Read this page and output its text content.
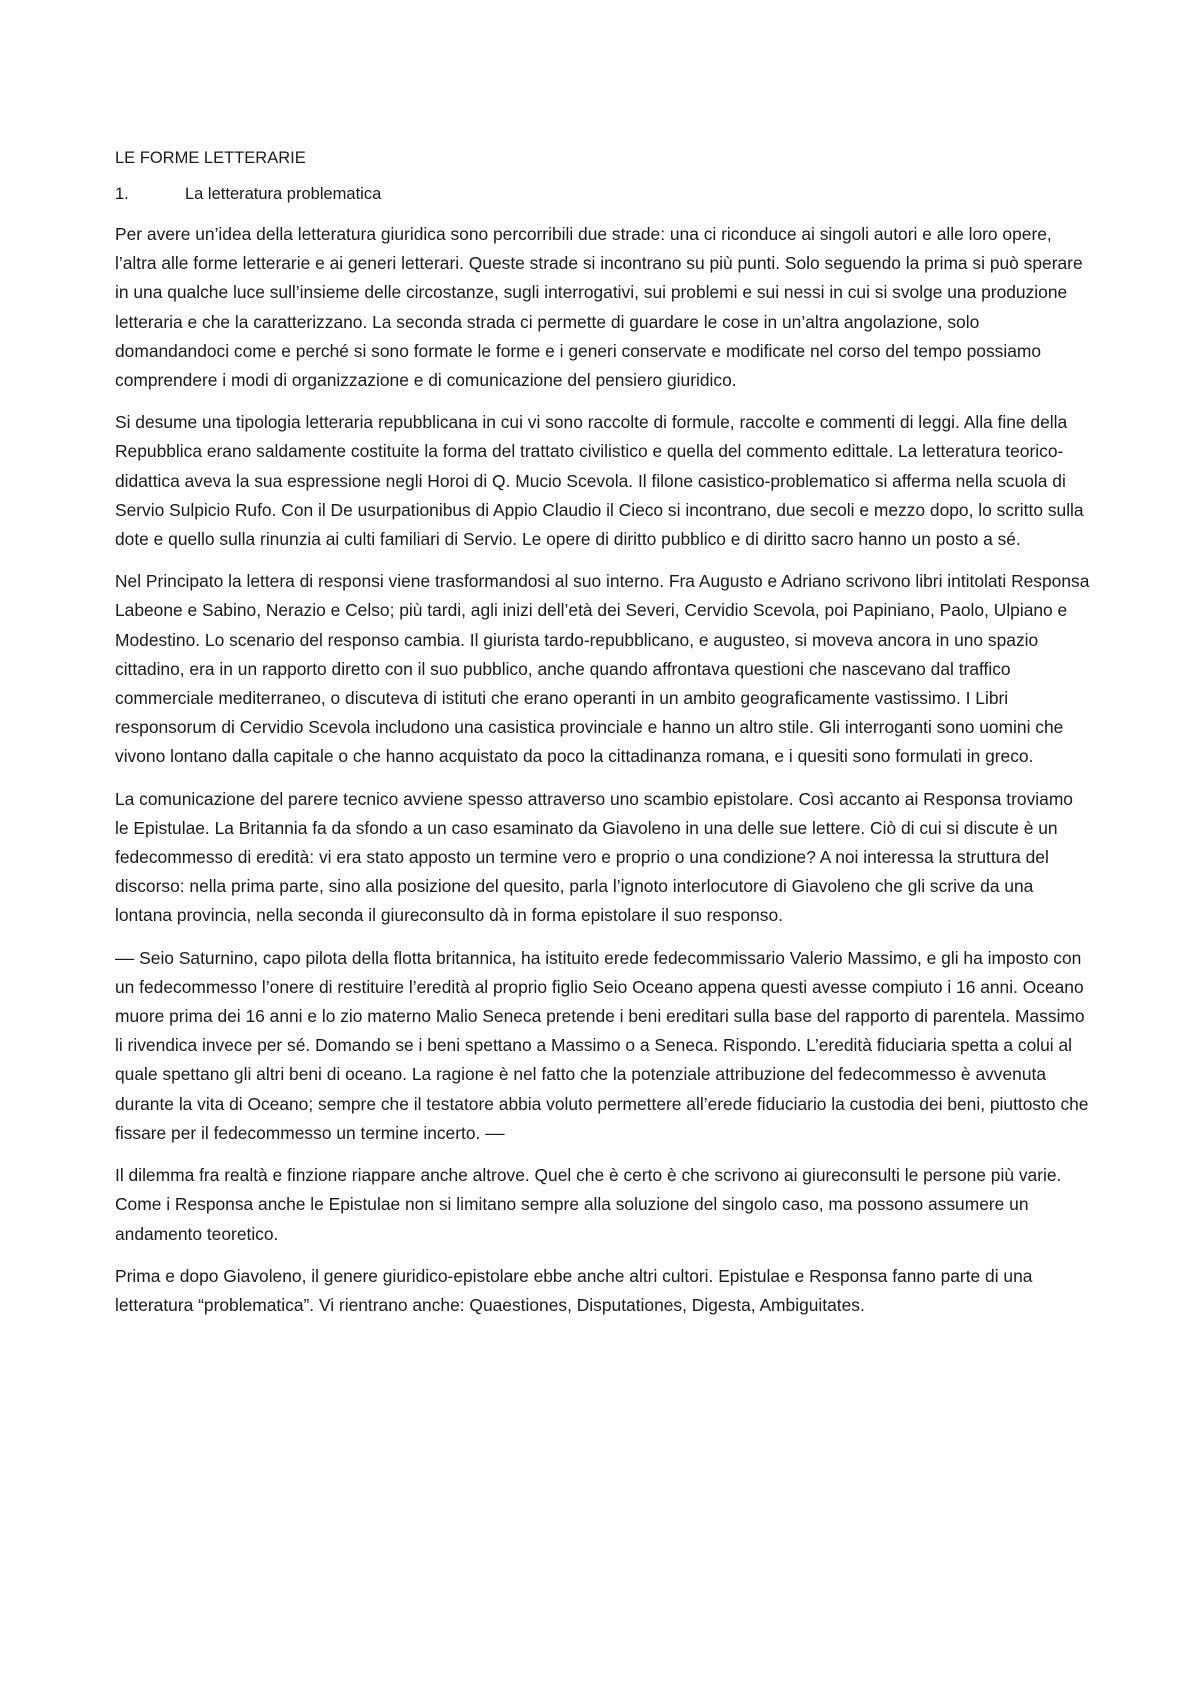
LE FORME LETTERARIE
1.	La letteratura problematica

Per avere un’idea della letteratura giuridica sono percorribili due strade: una ci riconduce ai singoli autori e alle loro opere, l’altra alle forme letterarie e ai generi letterari. Queste strade si incontrano su più punti. Solo seguendo la prima si può sperare in una qualche luce sull’insieme delle circostanze, sugli interrogativi, sui problemi e sui nessi in cui si svolge una produzione letteraria e che la caratterizzano. La seconda strada ci permette di guardare le cose in un’altra angolazione, solo domandandoci come e perché si sono formate le forme e i generi conservate e modificate nel corso del tempo possiamo comprendere i modi di organizzazione e di comunicazione del pensiero giuridico.

Si desume una tipologia letteraria repubblicana in cui vi sono raccolte di formule, raccolte e commenti di leggi. Alla fine della Repubblica erano saldamente costituite la forma del trattato civilistico e quella del commento edittale. La letteratura teorico-didattica aveva la sua espressione negli Horoi di Q. Mucio Scevola. Il filone casistico-problematico si afferma nella scuola di Servio Sulpicio Rufo. Con il De usurpationibus di Appio Claudio il Cieco si incontrano, due secoli e mezzo dopo, lo scritto sulla dote e quello sulla rinunzia ai culti familiari di Servio. Le opere di diritto pubblico e di diritto sacro hanno un posto a sé.

Nel Principato la lettera di responsi viene trasformandosi al suo interno. Fra Augusto e Adriano scrivono libri intitolati Responsa Labeone e Sabino, Nerazio e Celso; più tardi, agli inizi dell’età dei Severi, Cervidio Scevola, poi Papiniano, Paolo, Ulpiano e Modestino. Lo scenario del responso cambia. Il giurista tardo-repubblicano, e augusteo, si moveva ancora in uno spazio cittadino, era in un rapporto diretto con il suo pubblico, anche quando affrontava questioni che nascevano dal traffico commerciale mediterraneo, o discuteva di istituti che erano operanti in un ambito geograficamente vastissimo. I Libri responsorum di Cervidio Scevola includono una casistica provinciale e hanno un altro stile. Gli interroganti sono uomini che vivono lontano dalla capitale o che hanno acquistato da poco la cittadinanza romana, e i quesiti sono formulati in greco.

La comunicazione del parere tecnico avviene spesso attraverso uno scambio epistolare. Così accanto ai Responsa troviamo le Epistulae. La Britannia fa da sfondo a un caso esaminato da Giavoleno in una delle sue lettere. Ciò di cui si discute è un fedecommesso di eredità: vi era stato apposto un termine vero e proprio o una condizione? A noi interessa la struttura del discorso: nella prima parte, sino alla posizione del quesito, parla l’ignoto interlocutore di Giavoleno che gli scrive da una lontana provincia, nella seconda il giureconsulto dà in forma epistolare il suo responso.

–– Seio Saturnino, capo pilota della flotta britannica, ha istituito erede fedecommissario Valerio Massimo, e gli ha imposto con un fedecommesso l’onere di restituire l’eredità al proprio figlio Seio Oceano appena questi avesse compiuto i 16 anni. Oceano muore prima dei 16 anni e lo zio materno Malio Seneca pretende i beni ereditari sulla base del rapporto di parentela. Massimo li rivendica invece per sé. Domando se i beni spettano a Massimo o a Seneca. Rispondo. L’eredità fiduciaria spetta a colui al quale spettano gli altri beni di oceano. La ragione è nel fatto che la potenziale attribuzione del fedecommesso è avvenuta durante la vita di Oceano; sempre che il testatore abbia voluto permettere all’erede fiduciario la custodia dei beni, piuttosto che fissare per il fedecommesso un termine incerto. ––

Il dilemma fra realtà e finzione riappare anche altrove. Quel che è certo è che scrivono ai giureconsulti le persone più varie. Come i Responsa anche le Epistulae non si limitano sempre alla soluzione del singolo caso, ma possono assumere un andamento teoretico.

Prima e dopo Giavoleno, il genere giuridico-epistolare ebbe anche altri cultori. Epistulae e Responsa fanno parte di una letteratura “problematica”. Vi rientrano anche: Quaestiones, Disputationes, Digesta, Ambiguitates.
